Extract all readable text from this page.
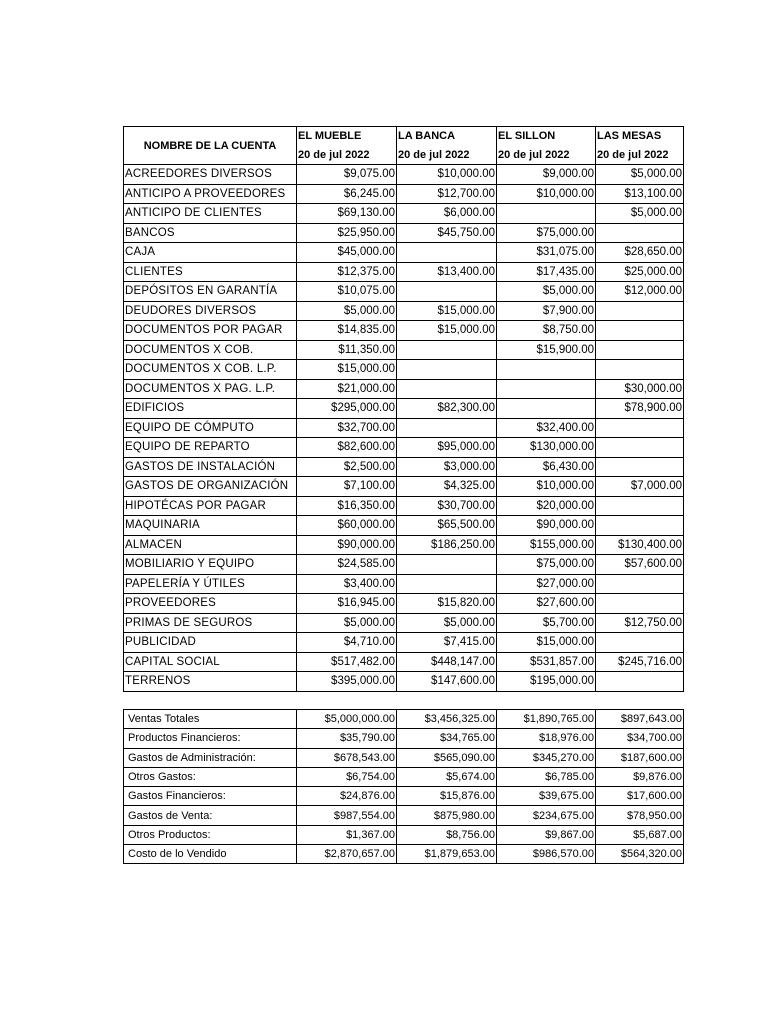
NOMBRE DE LA CUENTA	EL MUEBLE	LA BANCA	EL SILLON	LAS MESAS
	20 de jul 2022	20 de jul 2022	20 de jul 2022	20 de jul 2022
ACREEDORES DIVERSOS	$9,075.00	$10,000.00	$9,000.00	$5,000.00
ANTICIPO A PROVEEDORES	$6,245.00	$12,700.00	$10,000.00	$13,100.00
ANTICIPO DE CLIENTES	$69,130.00	$6,000.00		$5,000.00
BANCOS	$25,950.00	$45,750.00	$75,000.00	
CAJA	$45,000.00		$31,075.00	$28,650.00
CLIENTES	$12,375.00	$13,400.00	$17,435.00	$25,000.00
DEPÓSITOS EN GARANTÍA	$10,075.00		$5,000.00	$12,000.00
DEUDORES DIVERSOS	$5,000.00	$15,000.00	$7,900.00	
DOCUMENTOS POR PAGAR	$14,835.00	$15,000.00	$8,750.00	
DOCUMENTOS X COB.	$11,350.00		$15,900.00	
DOCUMENTOS X COB. L.P.	$15,000.00			
DOCUMENTOS X PAG. L.P.	$21,000.00			$30,000.00
EDIFICIOS	$295,000.00	$82,300.00		$78,900.00
EQUIPO DE CÓMPUTO	$32,700.00		$32,400.00	
EQUIPO DE REPARTO	$82,600.00	$95,000.00	$130,000.00	
GASTOS DE INSTALACIÓN	$2,500.00	$3,000.00	$6,430.00	
GASTOS DE ORGANIZACIÓN	$7,100.00	$4,325.00	$10,000.00	$7,000.00
HIPOTÉCAS POR PAGAR	$16,350.00	$30,700.00	$20,000.00	
MAQUINARIA	$60,000.00	$65,500.00	$90,000.00	
ALMACEN	$90,000.00	$186,250.00	$155,000.00	$130,400.00
MOBILIARIO Y EQUIPO	$24,585.00		$75,000.00	$57,600.00
PAPELERÍA Y ÚTILES	$3,400.00		$27,000.00	
PROVEEDORES	$16,945.00	$15,820.00	$27,600.00	
PRIMAS DE SEGUROS	$5,000.00	$5,000.00	$5,700.00	$12,750.00
PUBLICIDAD	$4,710.00	$7,415.00	$15,000.00	
CAPITAL SOCIAL	$517,482.00	$448,147.00	$531,857.00	$245,716.00
TERRENOS	$395,000.00	$147,600.00	$195,000.00	
Ventas Totales	$5,000,000.00	$3,456,325.00	$1,890,765.00	$897,643.00
Productos Financieros:	$35,790.00	$34,765.00	$18,976.00	$34,700.00
Gastos de Administración:	$678,543.00	$565,090.00	$345,270.00	$187,600.00
Otros Gastos:	$6,754.00	$5,674.00	$6,785.00	$9,876.00
Gastos Financieros:	$24,876.00	$15,876.00	$39,675.00	$17,600.00
Gastos de Venta:	$987,554.00	$875,980.00	$234,675.00	$78,950.00
Otros Productos:	$1,367.00	$8,756.00	$9,867.00	$5,687.00
Costo de lo Vendido	$2,870,657.00	$1,879,653.00	$986,570.00	$564,320.00
